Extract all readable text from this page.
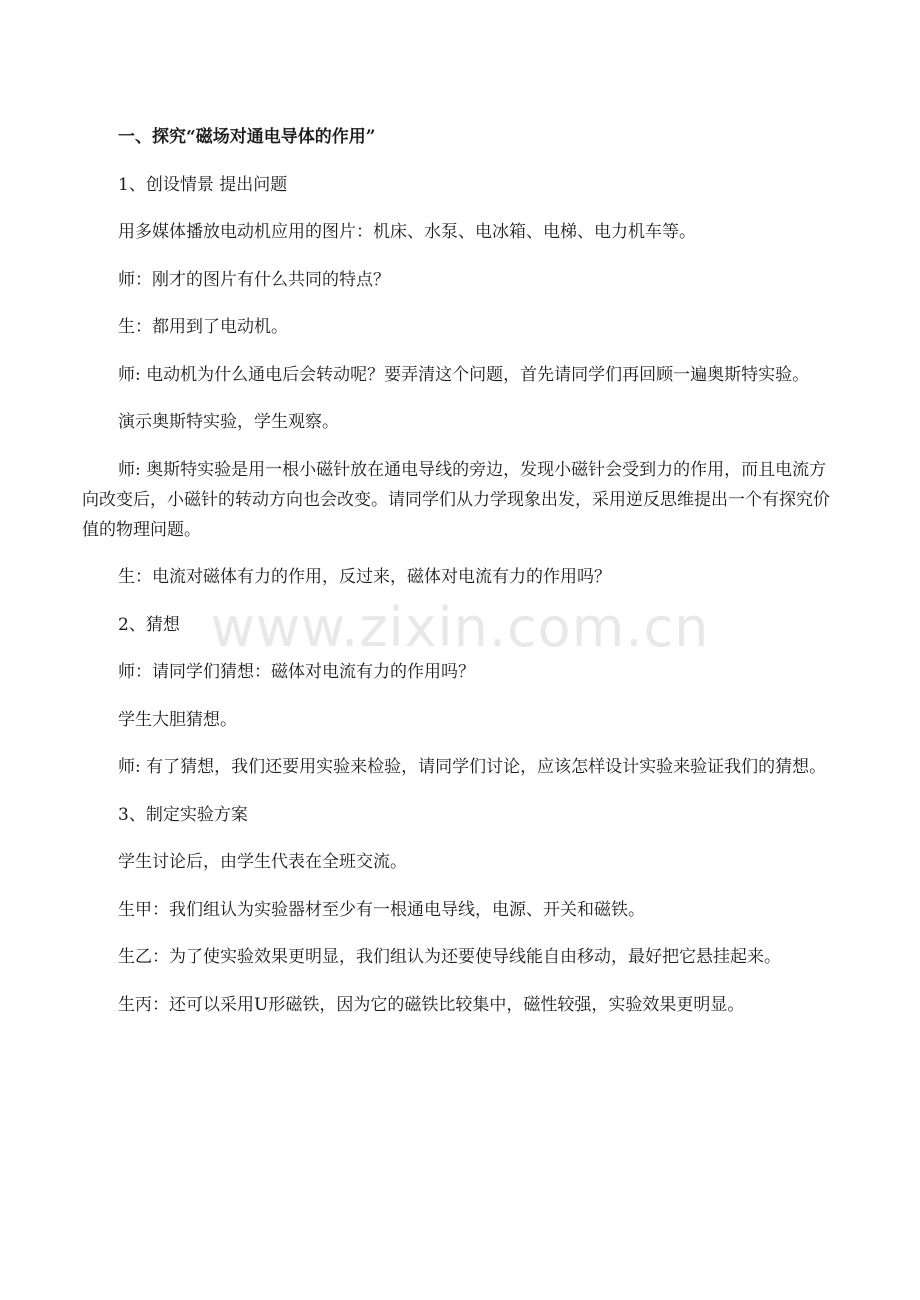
一、探究“磁场对通电导体的作用”

1、创设情景 提出问题

用多媒体播放电动机应用的图片：机床、水泵、电冰箱、电梯、电力机车等。

师：刚才的图片有什么共同的特点？

生：都用到了电动机。

师: 电动机为什么通电后会转动呢？要弄清这个问题，首先请同学们再回顾一遍奥斯特实验。

演示奥斯特实验，学生观察。

师: 奥斯特实验是用一根小磁针放在通电导线的旁边，发现小磁针会受到力的作用，而且电流方向改变后，小磁针的转动方向也会改变。请同学们从力学现象出发，采用逆反思维提出一个有探究价值的物理问题。

生：电流对磁体有力的作用，反过来，磁体对电流有力的作用吗？

2、猜想

师：请同学们猜想：磁体对电流有力的作用吗？

学生大胆猜想。

师: 有了猜想，我们还要用实验来检验，请同学们讨论，应该怎样设计实验来验证我们的猜想。

3、制定实验方案

学生讨论后，由学生代表在全班交流。

生甲：我们组认为实验器材至少有一根通电导线，电源、开关和磁铁。

生乙：为了使实验效果更明显，我们组认为还要使导线能自由移动，最好把它悬挂起来。

生丙：还可以采用U形磁铁，因为它的磁铁比较集中，磁性较强，实验效果更明显。

www.zixin.com.cn
